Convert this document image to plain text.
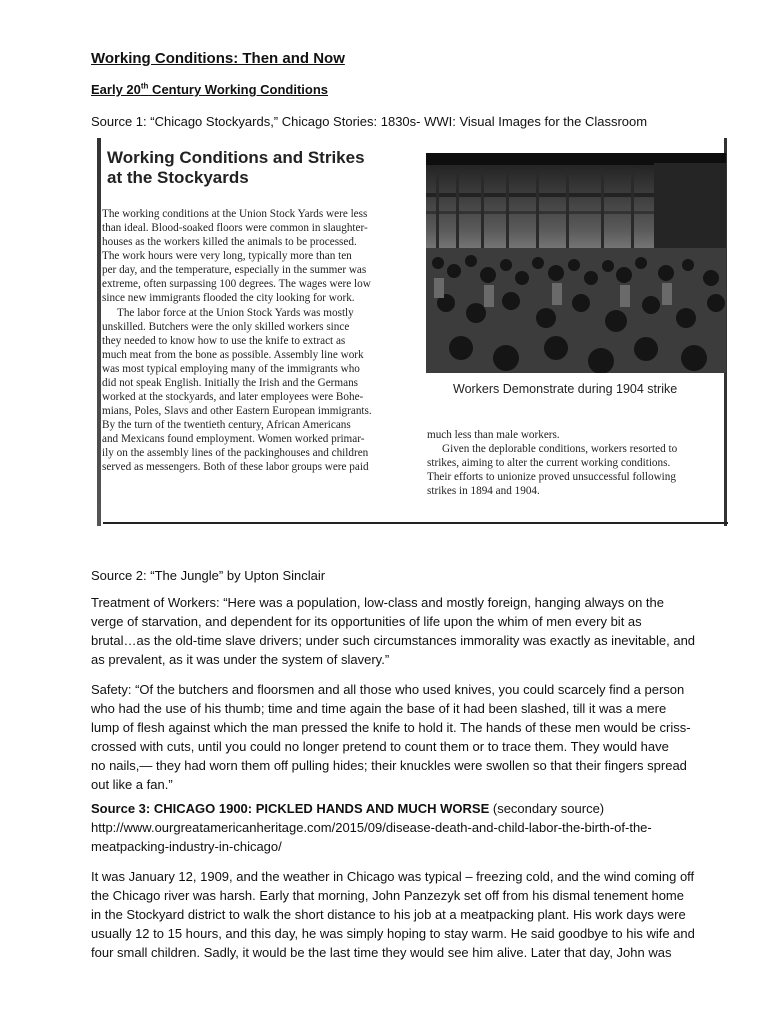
Working Conditions: Then and Now
Early 20th Century Working Conditions
Source 1: “Chicago Stockyards,” Chicago Stories: 1830s- WWI: Visual Images for the Classroom
Working Conditions and Strikes
at the Stockyards
The working conditions at the Union Stock Yards were less
than ideal. Blood-soaked floors were common in slaughter-
houses as the workers killed the animals to be processed.
The work hours were very long, typically more than ten
per day, and the temperature, especially in the summer was
extreme, often surpassing 100 degrees. The wages were low
since new immigrants flooded the city looking for work.
The labor force at the Union Stock Yards was mostly
unskilled. Butchers were the only skilled workers since
they needed to know how to use the knife to extract as
much meat from the bone as possible. Assembly line work
was most typical employing many of the immigrants who
did not speak English. Initially the Irish and the Germans
worked at the stockyards, and later employees were Bohe-
mians, Poles, Slavs and other Eastern European immigrants.
By the turn of the twentieth century, African Americans
and Mexicans found employment. Women worked primar-
ily on the assembly lines of the packinghouses and children
served as messengers. Both of these labor groups were paid
Workers Demonstrate during 1904 strike
much less than male workers.
Given the deplorable conditions, workers resorted to
strikes, aiming to alter the current working conditions.
Their efforts to unionize proved unsuccessful following
strikes in 1894 and 1904.
Source 2: “The Jungle” by Upton Sinclair
Treatment of Workers: “Here was a population, low-class and mostly foreign, hanging always on the
verge of starvation, and dependent for its opportunities of life upon the whim of men every bit as
brutal…as the old-time slave drivers; under such circumstances immorality was exactly as inevitable, and
as prevalent, as it was under the system of slavery.”
Safety: “Of the butchers and floorsmen and all those who used knives, you could scarcely find a person
who had the use of his thumb; time and time again the base of it had been slashed, till it was a mere
lump of flesh against which the man pressed the knife to hold it. The hands of these men would be criss-
crossed with cuts, until you could no longer pretend to count them or to trace them. They would have
no nails,— they had worn them off pulling hides; their knuckles were swollen so that their fingers spread
out like a fan.”
Source 3: CHICAGO 1900: PICKLED HANDS AND MUCH WORSE (secondary source)
http://www.ourgreatamericanheritage.com/2015/09/disease-death-and-child-labor-the-birth-of-the-
meatpacking-industry-in-chicago/
It was January 12, 1909, and the weather in Chicago was typical – freezing cold, and the wind coming off
the Chicago river was harsh. Early that morning, John Panzezyk set off from his dismal tenement home
in the Stockyard district to walk the short distance to his job at a meatpacking plant. His work days were
usually 12 to 15 hours, and this day, he was simply hoping to stay warm. He said goodbye to his wife and
four small children. Sadly, it would be the last time they would see him alive. Later that day, John was
